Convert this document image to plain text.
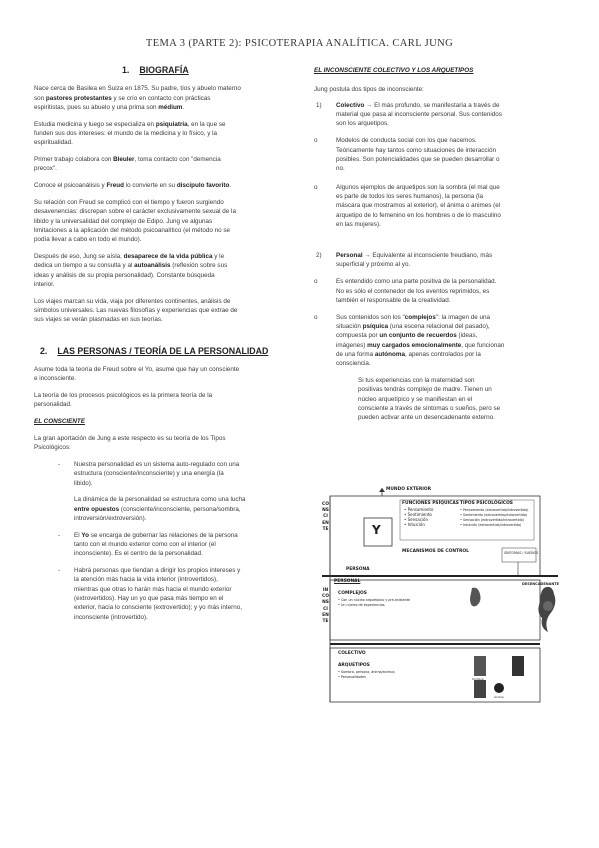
TEMA 3 (PARTE 2): PSICOTERAPIA ANALÍTICA. CARL JUNG
1. BIOGRAFÍA

Nace cerca de Basilea en Suiza en 1875. Su padre, tíos y abuelo materno
son pastores protestantes y se crío en contacto con prácticas
espiritistas, pues su abuelo y una prima son médium.

Estudia medicina y luego se especializa en psiquiatría, en la que se
funden sus dos intereses: el mundo de la medicina y lo físico, y la
espiritualidad.

Primer trabajo colabora con Bleuler, toma contacto con "demencia
precox".

Conoce el psicoanálisis y Freud lo convierte en su discípulo favorito.

Su relación con Freud se complicó con el tiempo y fueron surgiendo
desavenencias: discrepan sobre el carácter exclusivamente sexual de la
libido y la universalidad del complejo de Edipo. Jung ve algunas
limitaciones a la aplicación del método psicoanalítico (el método no se
podía llevar a cabo en todo el mundo).

Después de eso, Jung se aísla, desaparece de la vida pública y le
dedica un tiempo a su consulta y al autoanálisis (reflexión sobre sus
ideas y análisis de su propia personalidad). Constante búsqueda
interior.

Los viajes marcan su vida, viaja por diferentes continentes, análisis de
símbolos universales. Las nuevas filosofías y experiencias que extrae de
sus viajes se verán plasmadas en sus teorías.

2. LAS PERSONAS / TEORÍA DE LA PERSONALIDAD

Asume toda la teoría de Freud sobre el Yo, asume que hay un consciente
e inconsciente.

La teoría de los procesos psicológicos es la primera teoría de la
personalidad.

EL CONSCIENTE

La gran aportación de Jung a este respecto es su teoría de los Tipos
Psicológicos:

- Nuestra personalidad es un sistema auto-regulado con una
estructura (consciente/inconsciente) y una energía (la
libido).

La dinámica de la personalidad se estructura como una lucha
entre opuestos (consciente/inconsciente, persona/sombra,
introversión/extroversión).

- El Yo se encarga de gobernar las relaciones de la persona
tanto con el mundo exterior como con el interior (el
inconsciente). Es el centro de la personalidad.

- Habrá personas que tiendan a dirigir los propios intereses y
la atención más hacia la vida interior (introvertidos),
mientras que otras lo harán más hacia el mundo exterior
(extrovertidos). Hay un yo que pasa más tiempo en el
exterior, hacia lo consciente (extrovertido); y yo más interno,
inconsciente (introvertido).

EL INCONSCIENTE COLECTIVO Y LOS ARQUETIPOS

Jung postula dos tipos de inconsciente:

1) Colectivo → El más profundo, se manifestaría a través de
material que pasa al inconsciente personal. Sus contenidos
son los arquetipos.

o	Modelos de conducta social con los que nacemos.
Teóricamente hay tantos como situaciones de interacción
posibles. Son potencialidades que se pueden desarrollar o
no.

o	Algunos ejemplos de arquetipos son la sombra (el mal que
es parte de todos los seres humanos), la persona (la
máscara que mostramos al exterior), el ánima o animes (el
arquetipo de lo femenino en los hombres o de lo masculino
en las mujeres).

2) Personal → Equivalente al inconsciente freudiano, más
superficial y próximo al yo.

o	Es entendido como una parte positiva de la personalidad.
No es sólo el contenedor de los eventos reprimidos, es
también el responsable de la creatividad.

o	Sus contenidos son los "complejos": la imagen de una
situación psíquica (una escena relacional del pasado),
compuesta por un conjunto de recuerdos (ideas,
imágenes) muy cargados emocionalmente, que funcionan
de una forma autónoma, apenas controlados por la
consciencia.

Si tus experiencias con la maternidad son
positivas tendrás complejo de madre. Tienen un
núcleo arquetípico y se manifiestan en el
consciente a través de síntomas o sueños, pero se
pueden activar ante un desencadenante externo.

MUNDO EXTERIOR
CONSCIENTE
FUNCIONES PSÍQUICAS
• Pensamiento
• Sentimiento
• Sensación
• Intuición
TIPOS PSICOLÓGICOS
• Pensamiento (extrovertido/introvertido)
• Sentimiento (extrovertido/introvertido)
• Sensación (extrovertido/introvertido)
• Intuición (extrovertido/introvertido)
Y
MECANISMOS DE CONTROL	SÍNTOMAS / SUEÑOS
PERSONA
PERSONAL
INCONSCIENTE
COMPLEJOS
• Con un núcleo arquetípico y pre-existente
• Un núcleo de experiencias
DESENCADENANTE
COLECTIVO
ARQUETIPOS
• Sombra, persona, ánima/animus
• Personalidades	Sombra
Ánima
